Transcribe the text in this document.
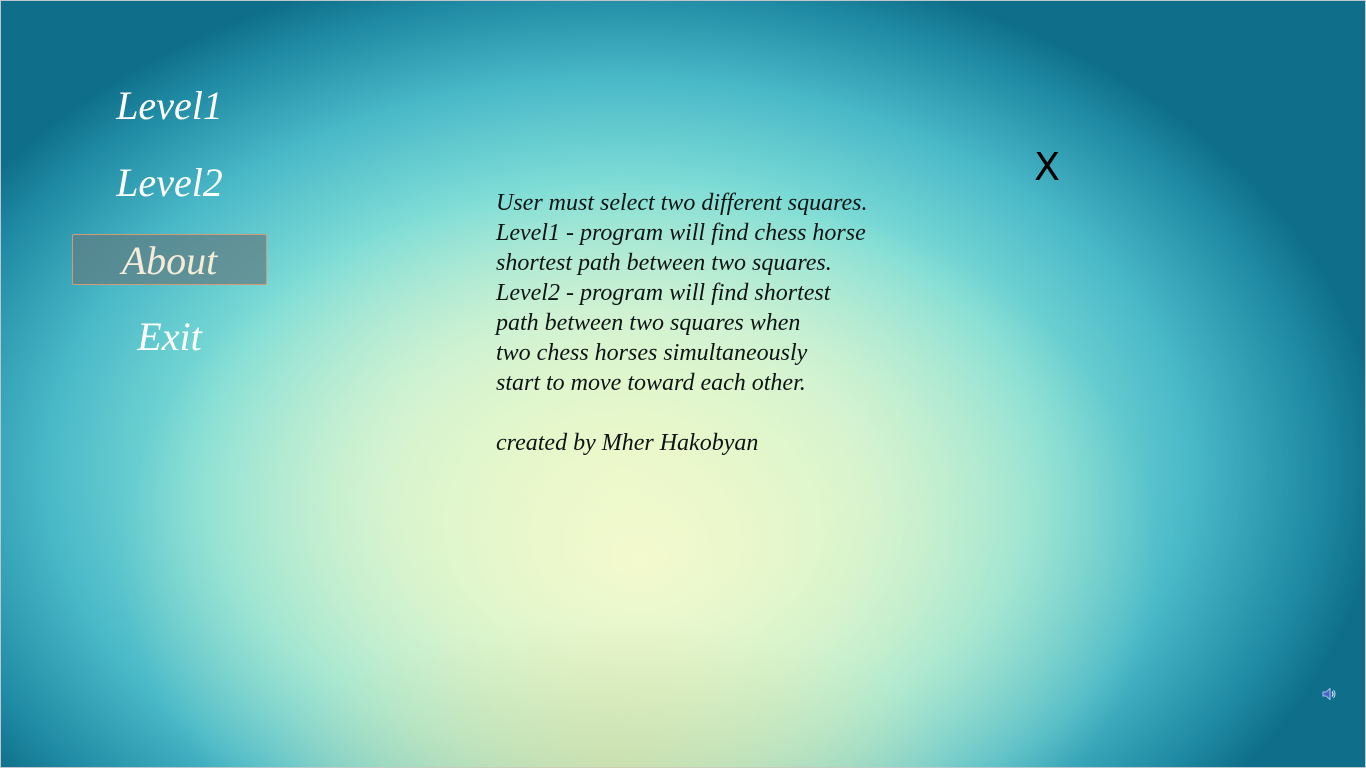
Level1
Level2
About
Exit
User must select two different squares.
Level1 - program will find chess horse
shortest path between two squares.
Level2 - program will find shortest
path between two squares when
two chess horses simultaneously
start to move toward each other.
created by Mher Hakobyan
X
